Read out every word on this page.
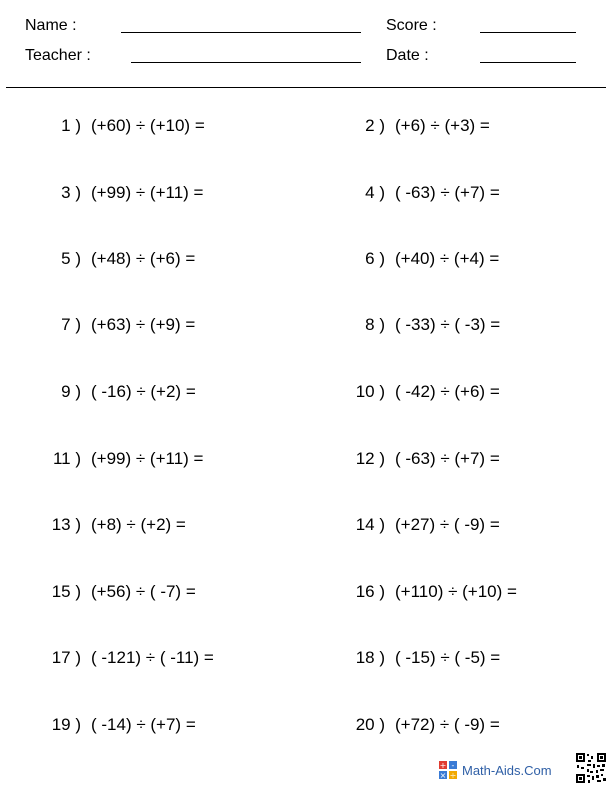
Name :	Score :
Teacher :	Date :
1 ) (+60) ÷ (+10) =	2 ) (+6) ÷ (+3) =
3 ) (+99) ÷ (+11) =	4 ) ( -63) ÷ (+7) =
5 ) (+48) ÷ (+6) =	6 ) (+40) ÷ (+4) =
7 ) (+63) ÷ (+9) =	8 ) ( -33) ÷ ( -3) =
9 ) ( -16) ÷ (+2) =	10 ) ( -42) ÷ (+6) =
11 ) (+99) ÷ (+11) =	12 ) ( -63) ÷ (+7) =
13 ) (+8) ÷ (+2) =	14 ) (+27) ÷ ( -9) =
15 ) (+56) ÷ ( -7) =	16 ) (+110) ÷ (+10) =
17 ) ( -121) ÷ ( -11) =	18 ) ( -15) ÷ ( -5) =
19 ) ( -14) ÷ (+7) =	20 ) (+72) ÷ ( -9) =
+ -
× ÷ Math-Aids.Com
